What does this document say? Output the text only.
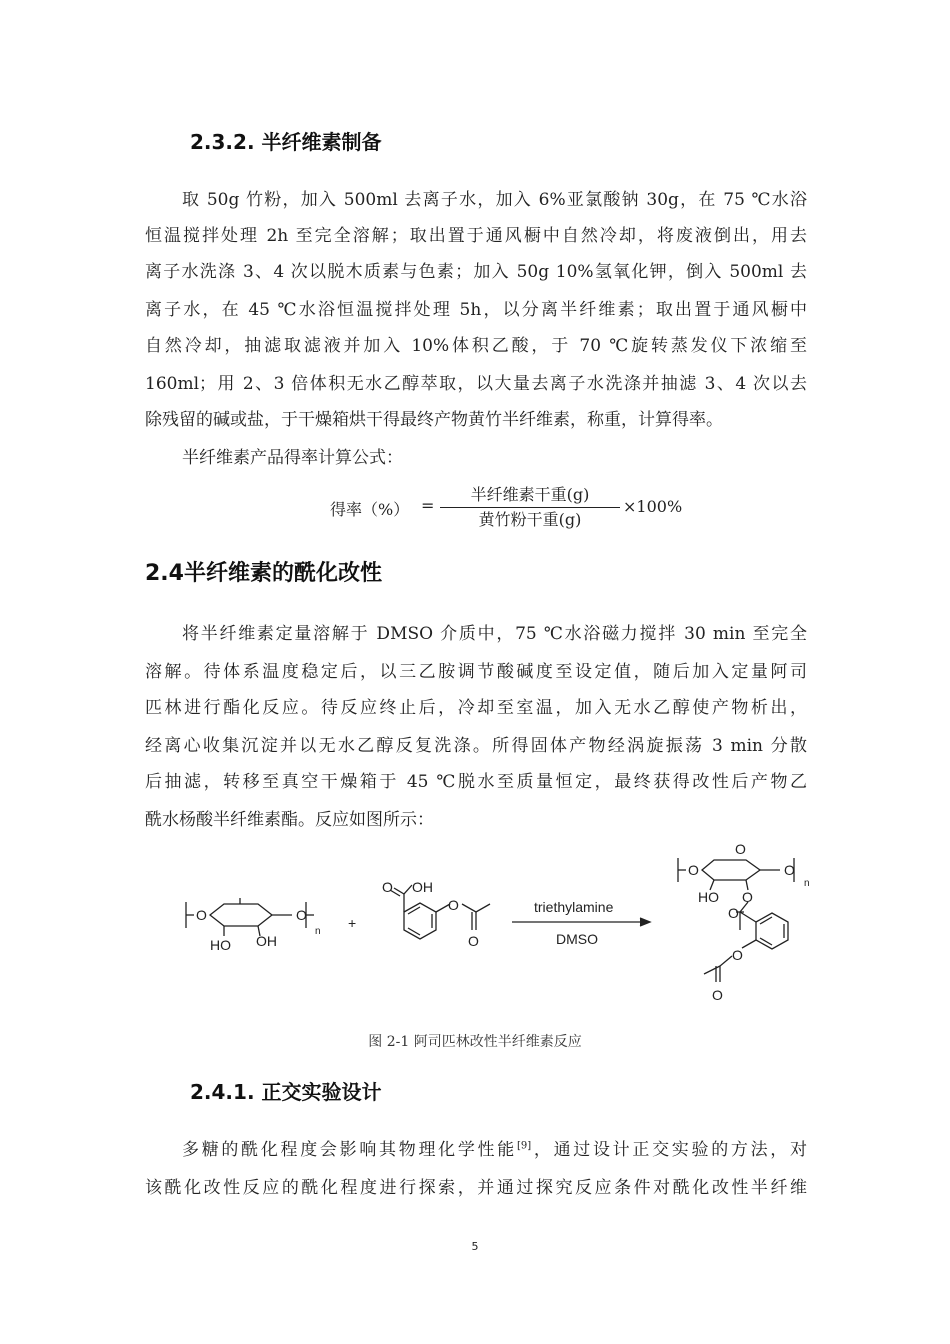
2.3.2. 半纤维素制备
取 50g 竹粉，加入 500ml 去离子水，加入 6%亚氯酸钠 30g，在 75 ℃水浴
恒温搅拌处理 2h 至完全溶解；取出置于通风橱中自然冷却，将废液倒出，用去
离子水洗涤 3、4 次以脱木质素与色素；加入 50g 10%氢氧化钾，倒入 500ml 去
离子水，在 45 ℃水浴恒温搅拌处理 5h，以分离半纤维素；取出置于通风橱中
自然冷却，抽滤取滤液并加入 10%体积乙酸，于 70 ℃旋转蒸发仪下浓缩至
160ml；用 2、3 倍体积无水乙醇萃取，以大量去离子水洗涤并抽滤 3、4 次以去
除残留的碱或盐，于干燥箱烘干得最终产物黄竹半纤维素，称重，计算得率。
半纤维素产品得率计算公式：
得率（%） =
半纤维素干重(g)
黄竹粉干重(g)
×100%
2.4半纤维素的酰化改性
将半纤维素定量溶解于 DMSO 介质中，75 ℃水浴磁力搅拌 30 min 至完全
溶解。待体系温度稳定后，以三乙胺调节酸碱度至设定值，随后加入定量阿司
匹林进行酯化反应。待反应终止后，冷却至室温，加入无水乙醇使产物析出，
经离心收集沉淀并以无水乙醇反复洗涤。所得固体产物经涡旋振荡 3 min 分散
后抽滤，转移至真空干燥箱于 45 ℃脱水至质量恒定，最终获得改性后产物乙
酰水杨酸半纤维素酯。反应如图所示：
O	O
HO OH
n
+
O OH
O
O
triethylamine
DMSO
O	O
O
HO O
n
O
O
O
图 2-1 阿司匹林改性半纤维素反应
2.4.1. 正交实验设计
多糖的酰化程度会影响其物理化学性能[9]，通过设计正交实验的方法，对
该酰化改性反应的酰化程度进行探索，并通过探究反应条件对酰化改性半纤维
5
